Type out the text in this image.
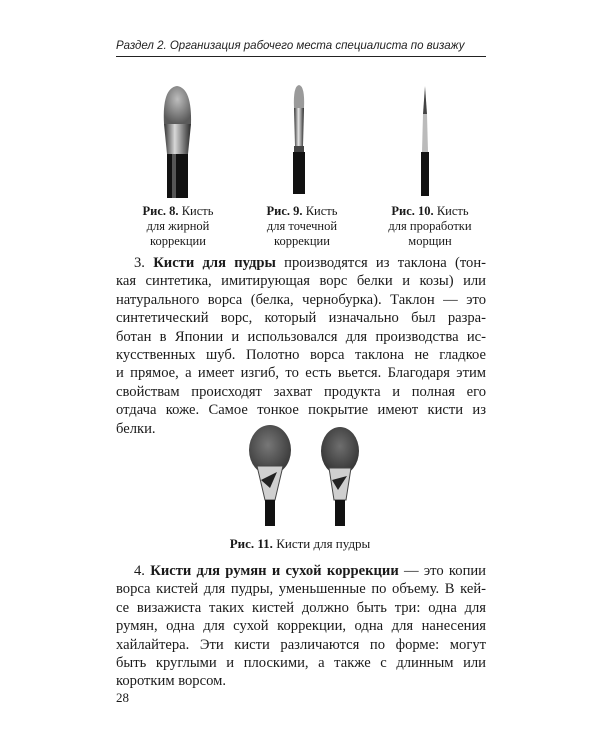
Раздел 2. Организация рабочего места специалиста по визажу
Рис. 8. Кисть
для жирной
коррекции
Рис. 9. Кисть
для точечной
коррекции
Рис. 10. Кисть
для проработки
морщин
3. Кисти для пудры производятся из таклона (тон-
кая синтетика, имитирующая ворс белки и козы) или
натурального ворса (белка, чернобурка). Таклон — это
синтетический ворс, который изначально был разра-
ботан в Японии и использовался для производства ис-
кусственных шуб. Полотно ворса таклона не гладкое
и прямое, а имеет изгиб, то есть вьется. Благодаря этим
свойствам происходят захват продукта и полная его
отдача коже. Самое тонкое покрытие имеют кисти из
белки.
Рис. 11. Кисти для пудры
4. Кисти для румян и сухой коррекции — это копии
ворса кистей для пудры, уменьшенные по объему. В кей-
се визажиста таких кистей должно быть три: одна для
румян, одна для сухой коррекции, одна для нанесения
хайлайтера. Эти кисти различаются по форме: могут
быть круглыми и плоскими, а также с длинным или
коротким ворсом.
28
